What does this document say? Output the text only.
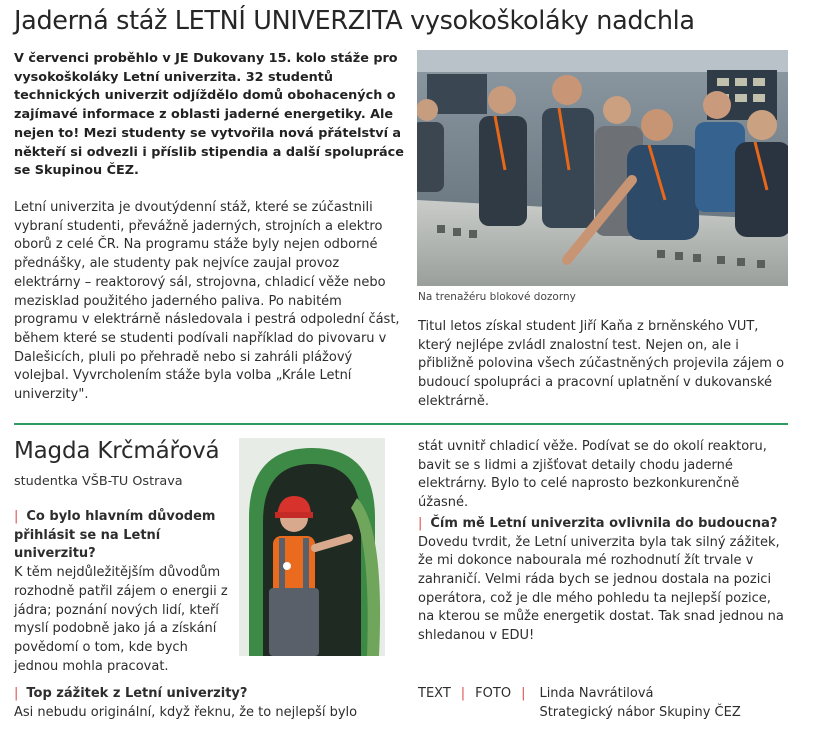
Jaderná stáž LETNÍ UNIVERZITA vysokoškoláky nadchla

V červenci proběhlo v JE Dukovany 15. kolo stáže pro vysokoškoláky Letní univerzita. 32 studentů technických univerzit odjíždělo domů obohacených o zajímavé informace z oblasti jaderné energetiky. Ale nejen to! Mezi studenty se vytvořila nová přátelství a někteří si odvezli i příslib stipendia a další spolupráce se Skupinou ČEZ.

Letní univerzita je dvoutýdenní stáž, které se zúčastnili vybraní studenti, převážně jaderných, strojních a elektro oborů z celé ČR. Na programu stáže byly nejen odborné přednášky, ale studenty pak nejvíce zaujal provoz elektrárny – reaktorový sál, strojovna, chladicí věže nebo mezisklad použitého jaderného paliva. Po nabitém programu v elektrárně následovala i pestrá odpolední část, během které se studenti podívali například do pivovaru v Dalešicích, pluli po přehradě nebo si zahráli plážový volejbal. Vyvrcholením stáže byla volba „Krále Letní univerzity".

Na trenažéru blokové dozorny

Titul letos získal student Jiří Kaňa z brněnského VUT, který nejlépe zvládl znalostní test. Nejen on, ale i přibližně polovina všech zúčastněných projevila zájem o budoucí spolupráci a pracovní uplatnění v dukovanské elektrárně.

Magda Krčmářová
studentka VŠB-TU Ostrava

| Co bylo hlavním důvodem přihlásit se na Letní univerzitu?

K těm nejdůležitějším důvodům rozhodně patřil zájem o energii z jádra; poznání nových lidí, kteří myslí podobně jako já a získání povědomí o tom, kde bych jednou mohla pracovat.

stát uvnitř chladicí věže. Podívat se do okolí reaktoru, bavit se s lidmi a zjišťovat detaily chodu jaderné elektrárny. Bylo to celé naprosto bezkonkurenčně úžasné.

| Čím mě Letní univerzita ovlivnila do budoucna?

Dovedu tvrdit, že Letní univerzita byla tak silný zážitek, že mi dokonce nabourala mé rozhodnutí žít trvale v zahraničí. Velmi ráda bych se jednou dostala na pozici operátora, což je dle mého pohledu ta nejlepší pozice, na kterou se může energetik dostat. Tak snad jednou na shledanou v EDU!

| Top zážitek z Letní univerzity?

Asi nebudu originální, když řeknu, že to nejlepší bylo

TEXT | FOTO | Linda Navrátilová
Strategický nábor Skupiny ČEZ
